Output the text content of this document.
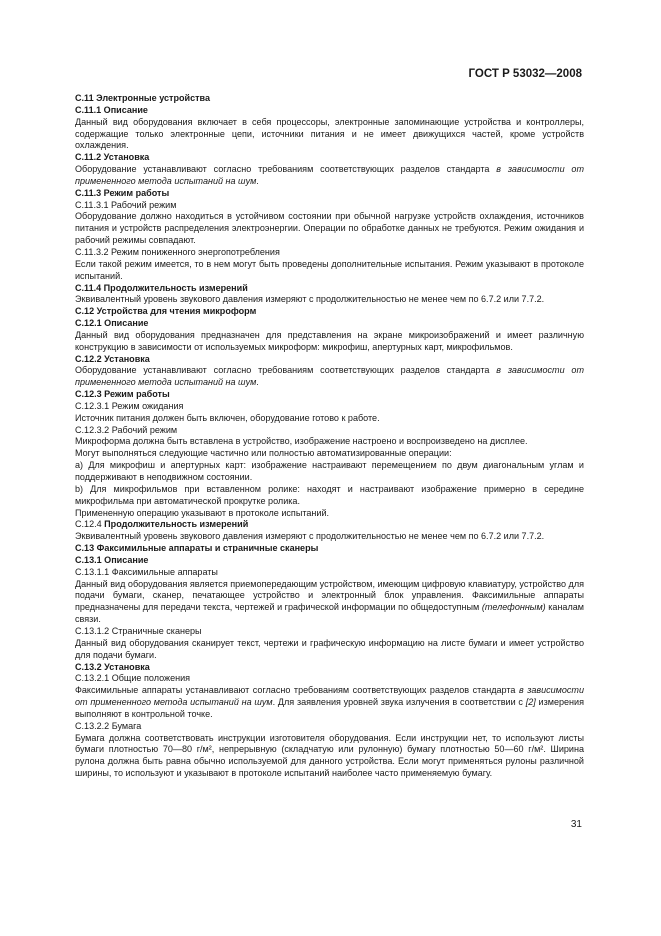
ГОСТ Р 53032—2008

С.11 Электронные устройства

С.11.1 Описание

Данный вид оборудования включает в себя процессоры, электронные запоминающие устройства и контроллеры, содержащие только электронные цепи, источники питания и не имеет движущихся частей, кроме устройств охлаждения.

С.11.2 Установка

Оборудование устанавливают согласно требованиям соответствующих разделов стандарта в зависимости от примененного метода испытаний на шум.

С.11.3 Режим работы

С.11.3.1 Рабочий режим

Оборудование должно находиться в устойчивом состоянии при обычной нагрузке устройств охлаждения, источников питания и устройств распределения электроэнергии. Операции по обработке данных не требуются. Режим ожидания и рабочий режимы совпадают.

С.11.3.2 Режим пониженного энергопотребления

Если такой режим имеется, то в нем могут быть проведены дополнительные испытания. Режим указывают в протоколе испытаний.

С.11.4 Продолжительность измерений

Эквивалентный уровень звукового давления измеряют с продолжительностью не менее чем по 6.7.2 или 7.7.2.

С.12 Устройства для чтения микроформ

С.12.1 Описание

Данный вид оборудования предназначен для представления на экране микроизображений и имеет различную конструкцию в зависимости от используемых микроформ: микрофиш, апертурных карт, микрофильмов.

С.12.2 Установка

Оборудование устанавливают согласно требованиям соответствующих разделов стандарта в зависимости от примененного метода испытаний на шум.

С.12.3 Режим работы

С.12.3.1 Режим ожидания

Источник питания должен быть включен, оборудование готово к работе.

С.12.3.2 Рабочий режим

Микроформа должна быть вставлена в устройство, изображение настроено и воспроизведено на дисплее.

Могут выполняться следующие частично или полностью автоматизированные операции:

а) Для микрофиш и апертурных карт: изображение настраивают перемещением по двум диагональным углам и поддерживают в неподвижном состоянии.

b) Для микрофильмов при вставленном ролике: находят и настраивают изображение примерно в середине микрофильма при автоматической прокрутке ролика.

Примененную операцию указывают в протоколе испытаний.

С.12.4 Продолжительность измерений

Эквивалентный уровень звукового давления измеряют с продолжительностью не менее чем по 6.7.2 или 7.7.2.

С.13 Факсимильные аппараты и страничные сканеры

С.13.1 Описание

С.13.1.1 Факсимильные аппараты

Данный вид оборудования является приемопередающим устройством, имеющим цифровую клавиатуру, устройство для подачи бумаги, сканер, печатающее устройство и электронный блок управления. Факсимильные аппараты предназначены для передачи текста, чертежей и графической информации по общедоступным (телефонным) каналам связи.

С.13.1.2 Страничные сканеры

Данный вид оборудования сканирует текст, чертежи и графическую информацию на листе бумаги и имеет устройство для подачи бумаги.

С.13.2 Установка

С.13.2.1 Общие положения

Факсимильные аппараты устанавливают согласно требованиям соответствующих разделов стандарта в зависимости от примененного метода испытаний на шум. Для заявления уровней звука излучения в соответствии с [2] измерения выполняют в контрольной точке.

С.13.2.2 Бумага

Бумага должна соответствовать инструкции изготовителя оборудования. Если инструкции нет, то используют листы бумаги плотностью 70—80 г/м², непрерывную (складчатую или рулонную) бумагу плотностью 50—60 г/м². Ширина рулона должна быть равна обычно используемой для данного устройства. Если могут применяться рулоны различной ширины, то используют и указывают в протоколе испытаний наиболее часто применяемую бумагу.

31
